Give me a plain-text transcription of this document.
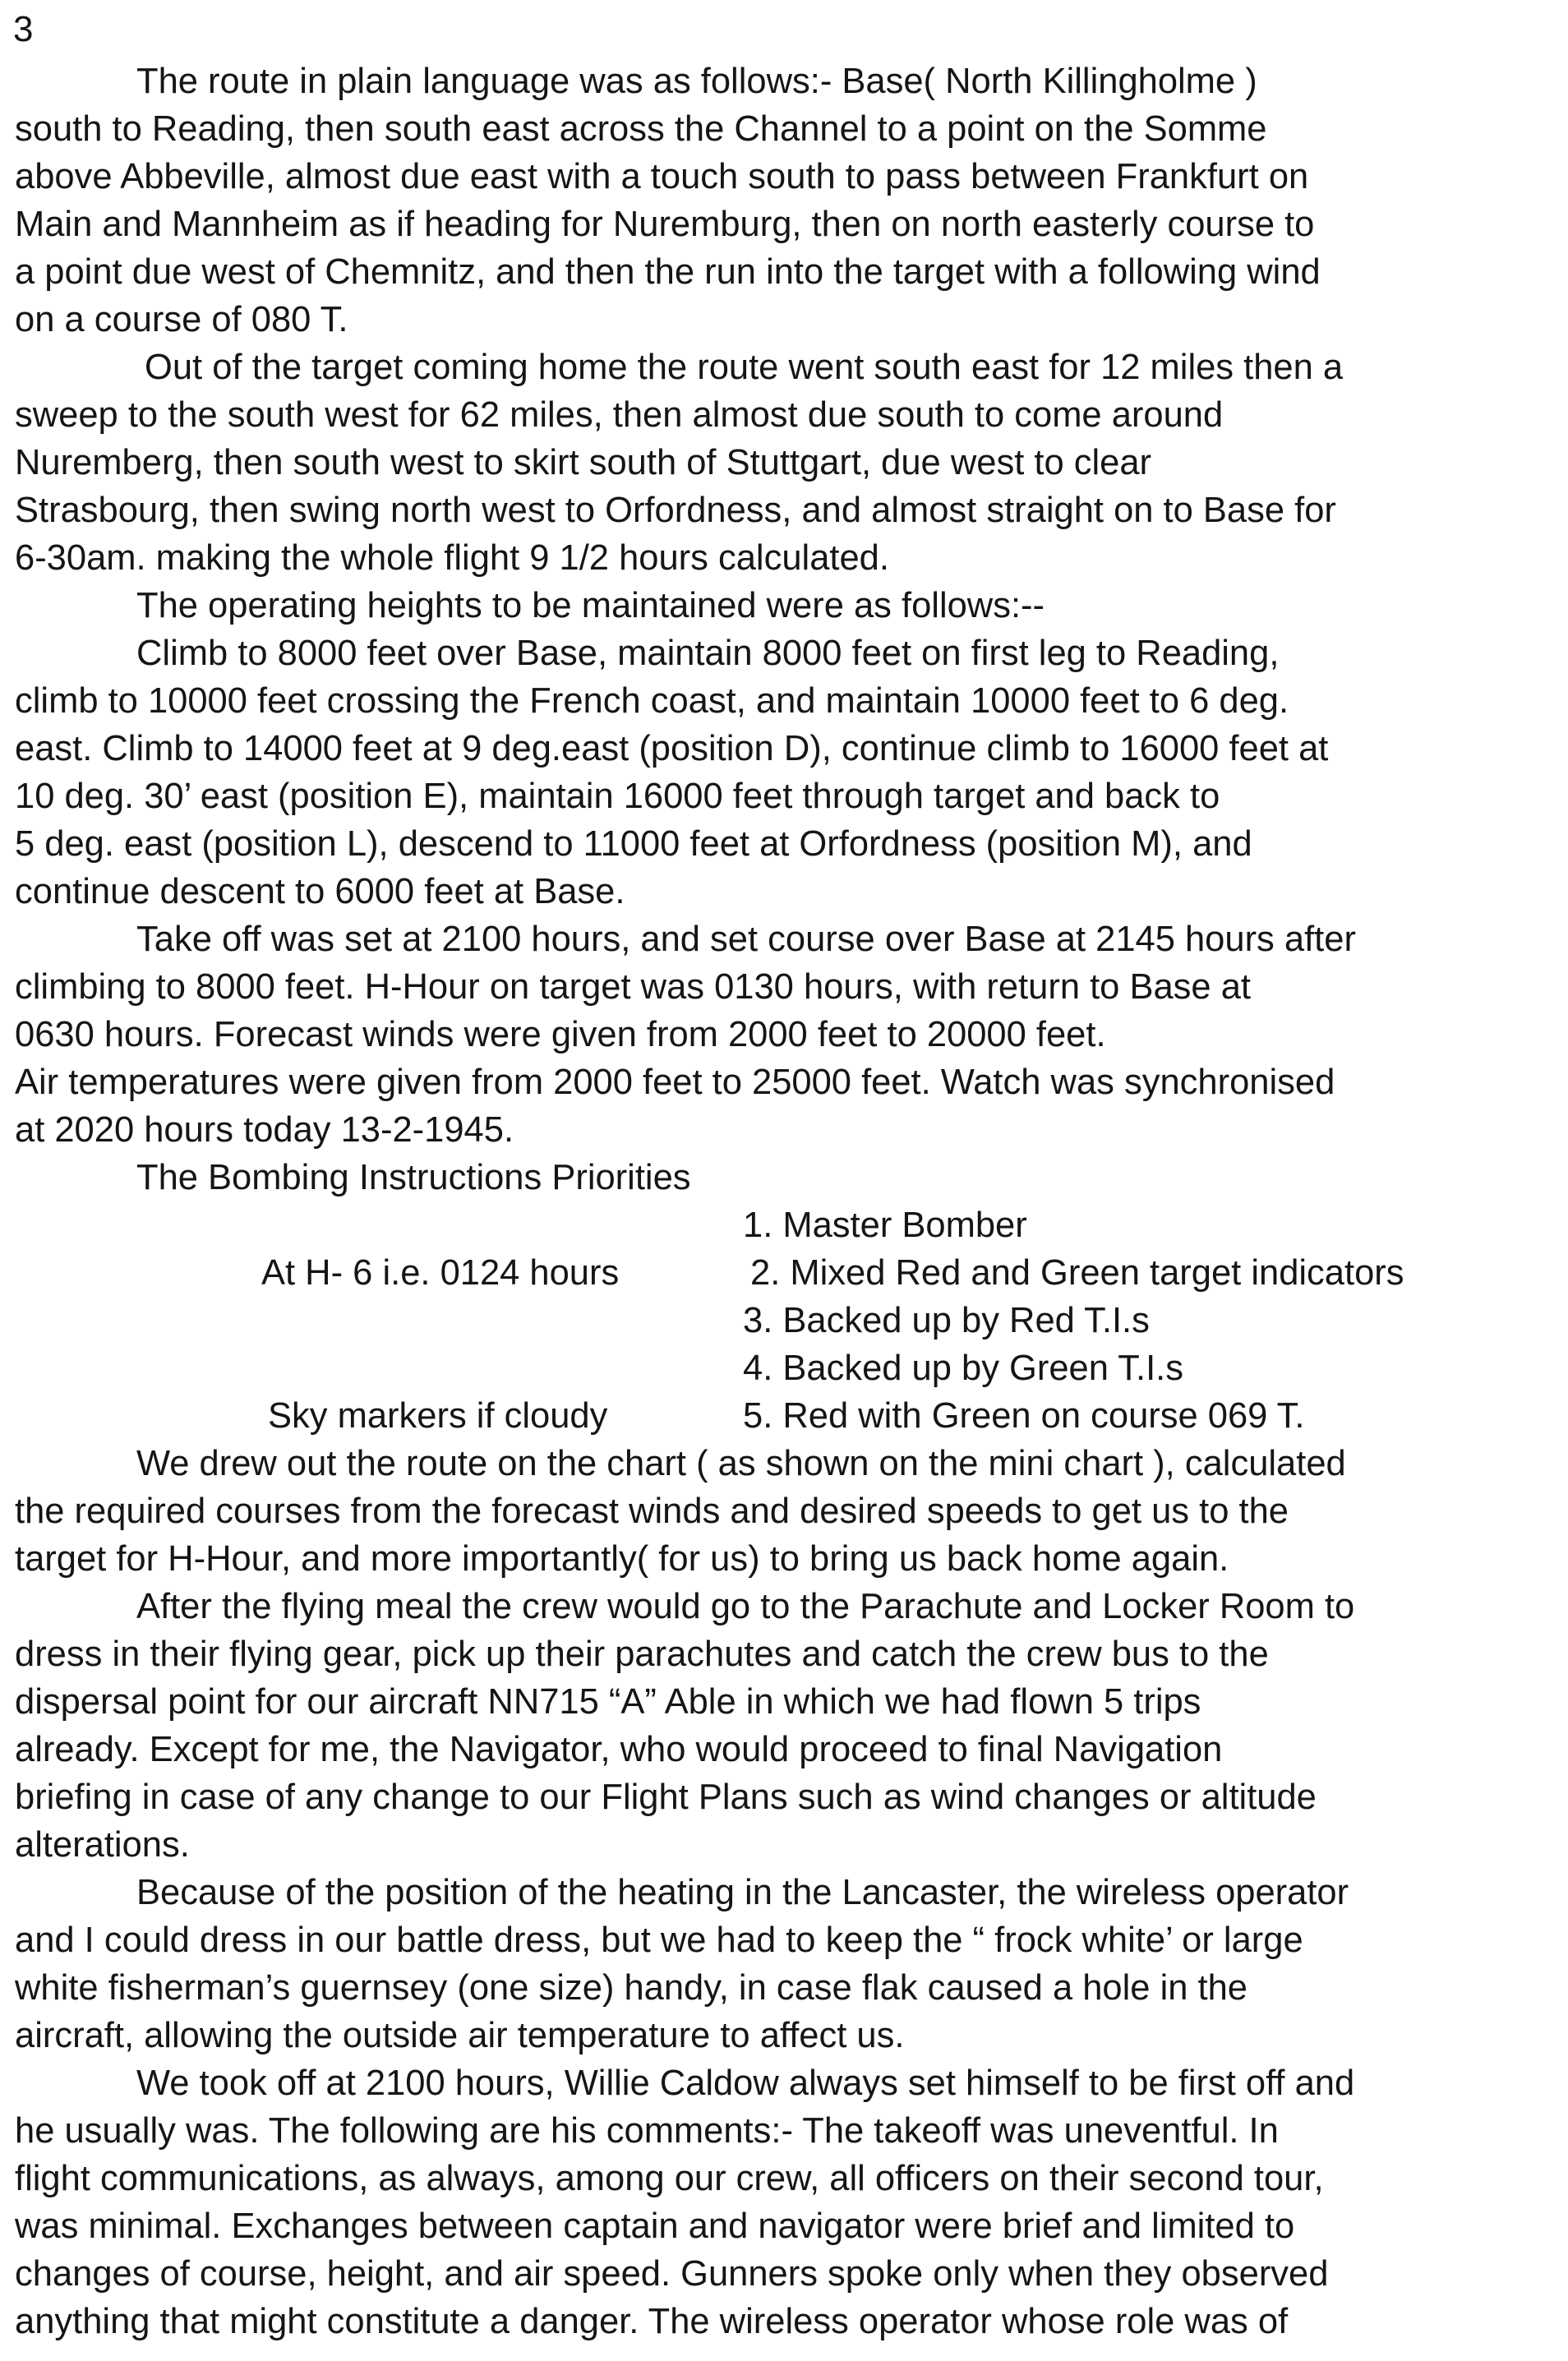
3
The route in plain language was as follows:- Base( North Killingholme )
south to Reading, then south east across the Channel to a point on the Somme
above Abbeville, almost due east with a touch south to pass between Frankfurt on
Main and Mannheim as if heading for Nuremburg, then on north easterly course to
a point due west of Chemnitz, and then the run into the target with a following wind
on a course of 080 T.
Out of the target coming home the route went south east for 12 miles then a
sweep to the south west for 62 miles, then almost due south to come around
Nuremberg, then south west to skirt south of Stuttgart, due west to clear
Strasbourg, then swing north west to Orfordness, and almost straight on to Base for
6-30am. making the whole flight 9 1/2 hours calculated.
The operating heights to be maintained were as follows:--
Climb to 8000 feet over Base, maintain 8000 feet on first leg to Reading,
climb to 10000 feet crossing the French coast, and maintain 10000 feet to 6 deg.
east. Climb to 14000 feet at 9 deg.east (position D), continue climb to 16000 feet at
10 deg. 30’ east (position E), maintain 16000 feet through target and back to
5 deg. east (position L), descend to 11000 feet at Orfordness (position M), and
continue descent to 6000 feet at Base.
Take off was set at 2100 hours, and set course over Base at 2145 hours after
climbing to 8000 feet. H-Hour on target was 0130 hours, with return to Base at
0630 hours. Forecast winds were given from 2000 feet to 20000 feet.
Air temperatures were given from 2000 feet to 25000 feet. Watch was synchronised
at 2020 hours today 13-2-1945.
The Bombing Instructions Priorities
1. Master Bomber
At H- 6 i.e. 0124 hours	2. Mixed Red and Green target indicators
3. Backed up by Red T.I.s
4. Backed up by Green T.I.s
Sky markers if cloudy	5. Red with Green on course 069 T.
We drew out the route on the chart ( as shown on the mini chart ), calculated
the required courses from the forecast winds and desired speeds to get us to the
target for H-Hour, and more importantly( for us) to bring us back home again.
After the flying meal the crew would go to the Parachute and Locker Room to
dress in their flying gear, pick up their parachutes and catch the crew bus to the
dispersal point for our aircraft NN715 “A” Able in which we had flown 5 trips
already. Except for me, the Navigator, who would proceed to final Navigation
briefing in case of any change to our Flight Plans such as wind changes or altitude
alterations.
Because of the position of the heating in the Lancaster, the wireless operator
and I could dress in our battle dress, but we had to keep the “ frock white’ or large
white fisherman’s guernsey (one size) handy, in case flak caused a hole in the
aircraft, allowing the outside air temperature to affect us.
We took off at 2100 hours, Willie Caldow always set himself to be first off and
he usually was. The following are his comments:- The takeoff was uneventful. In
flight communications, as always, among our crew, all officers on their second tour,
was minimal. Exchanges between captain and navigator were brief and limited to
changes of course, height, and air speed. Gunners spoke only when they observed
anything that might constitute a danger. The wireless operator whose role was of
